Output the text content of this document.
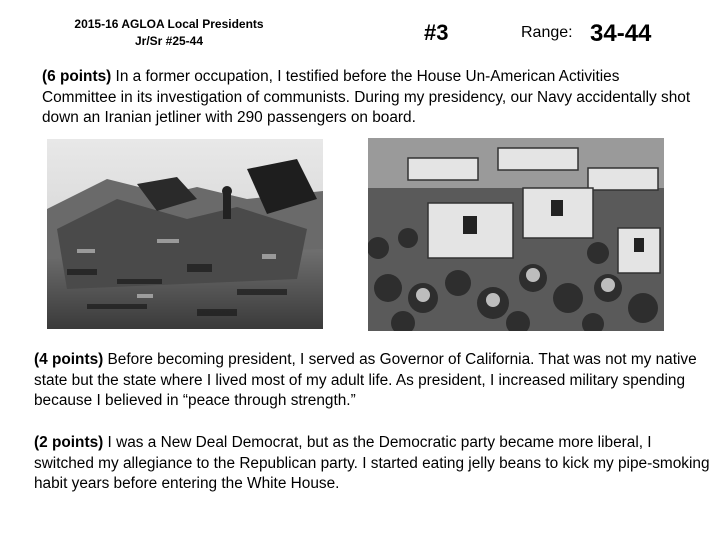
2015-16 AGLOA Local Presidents
Jr/Sr #25-44	#3	Range: 34-44

(6 points) In a former occupation, I testified before the House Un-American Activities Committee in its investigation of communists. During my presidency, our Navy accidentally shot down an Iranian jetliner with 290 passengers on board.

(4 points) Before becoming president, I served as Governor of California. That was not my native state but the state where I lived most of my adult life. As president, I increased military spending because I believed in “peace through strength.”

(2 points) I was a New Deal Democrat, but as the Democratic party became more liberal, I switched my allegiance to the Republican party. I started eating jelly beans to kick my pipe-smoking habit years before entering the White House.
